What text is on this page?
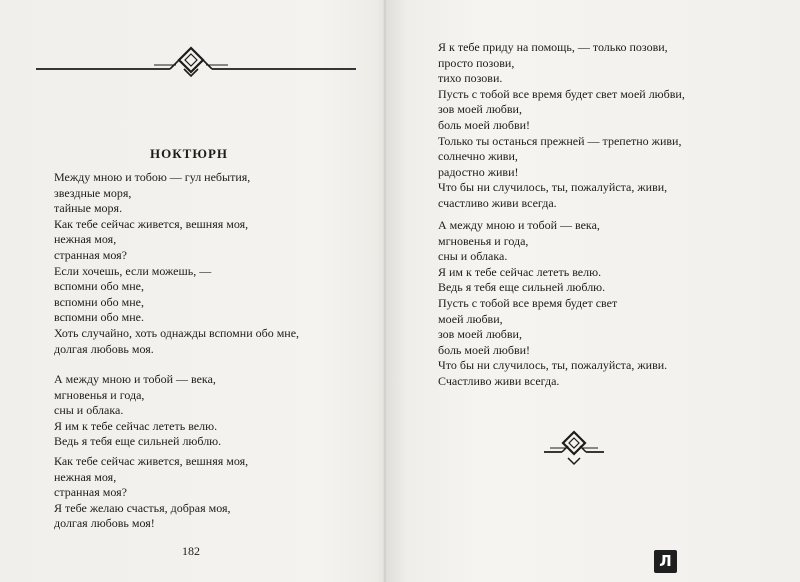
НОКТЮРН
Между мною и тобою — гул небытия,
звездные моря,
тайные моря.
Как тебе сейчас живется, вешняя моя,
нежная моя,
странная моя?
Если хочешь, если можешь, —
вспомни обо мне,
вспомни обо мне,
вспомни обо мне.
Хоть случайно, хоть однажды вспомни обо мне,
долгая любовь моя.
А между мною и тобой — века,
мгновенья и года,
сны и облака.
Я им к тебе сейчас лететь велю.
Ведь я тебя еще сильней люблю.
Как тебе сейчас живется, вешняя моя,
нежная моя,
странная моя?
Я тебе желаю счастья, добрая моя,
долгая любовь моя!
182
Я к тебе приду на помощь, — только позови,
просто позови,
тихо позови.
Пусть с тобой все время будет свет моей любви,
зов моей любви,
боль моей любви!
Только ты останься прежней — трепетно живи,
солнечно живи,
радостно живи!
Что бы ни случилось, ты, пожалуйста, живи,
счастливо живи всегда.
А между мною и тобой — века,
мгновенья и года,
сны и облака.
Я им к тебе сейчас лететь велю.
Ведь я тебя еще сильней люблю.
Пусть с тобой все время будет свет
моей любви,
зов моей любви,
боль моей любви!
Что бы ни случилось, ты, пожалуйста, живи.
Счастливо живи всегда.
Л
